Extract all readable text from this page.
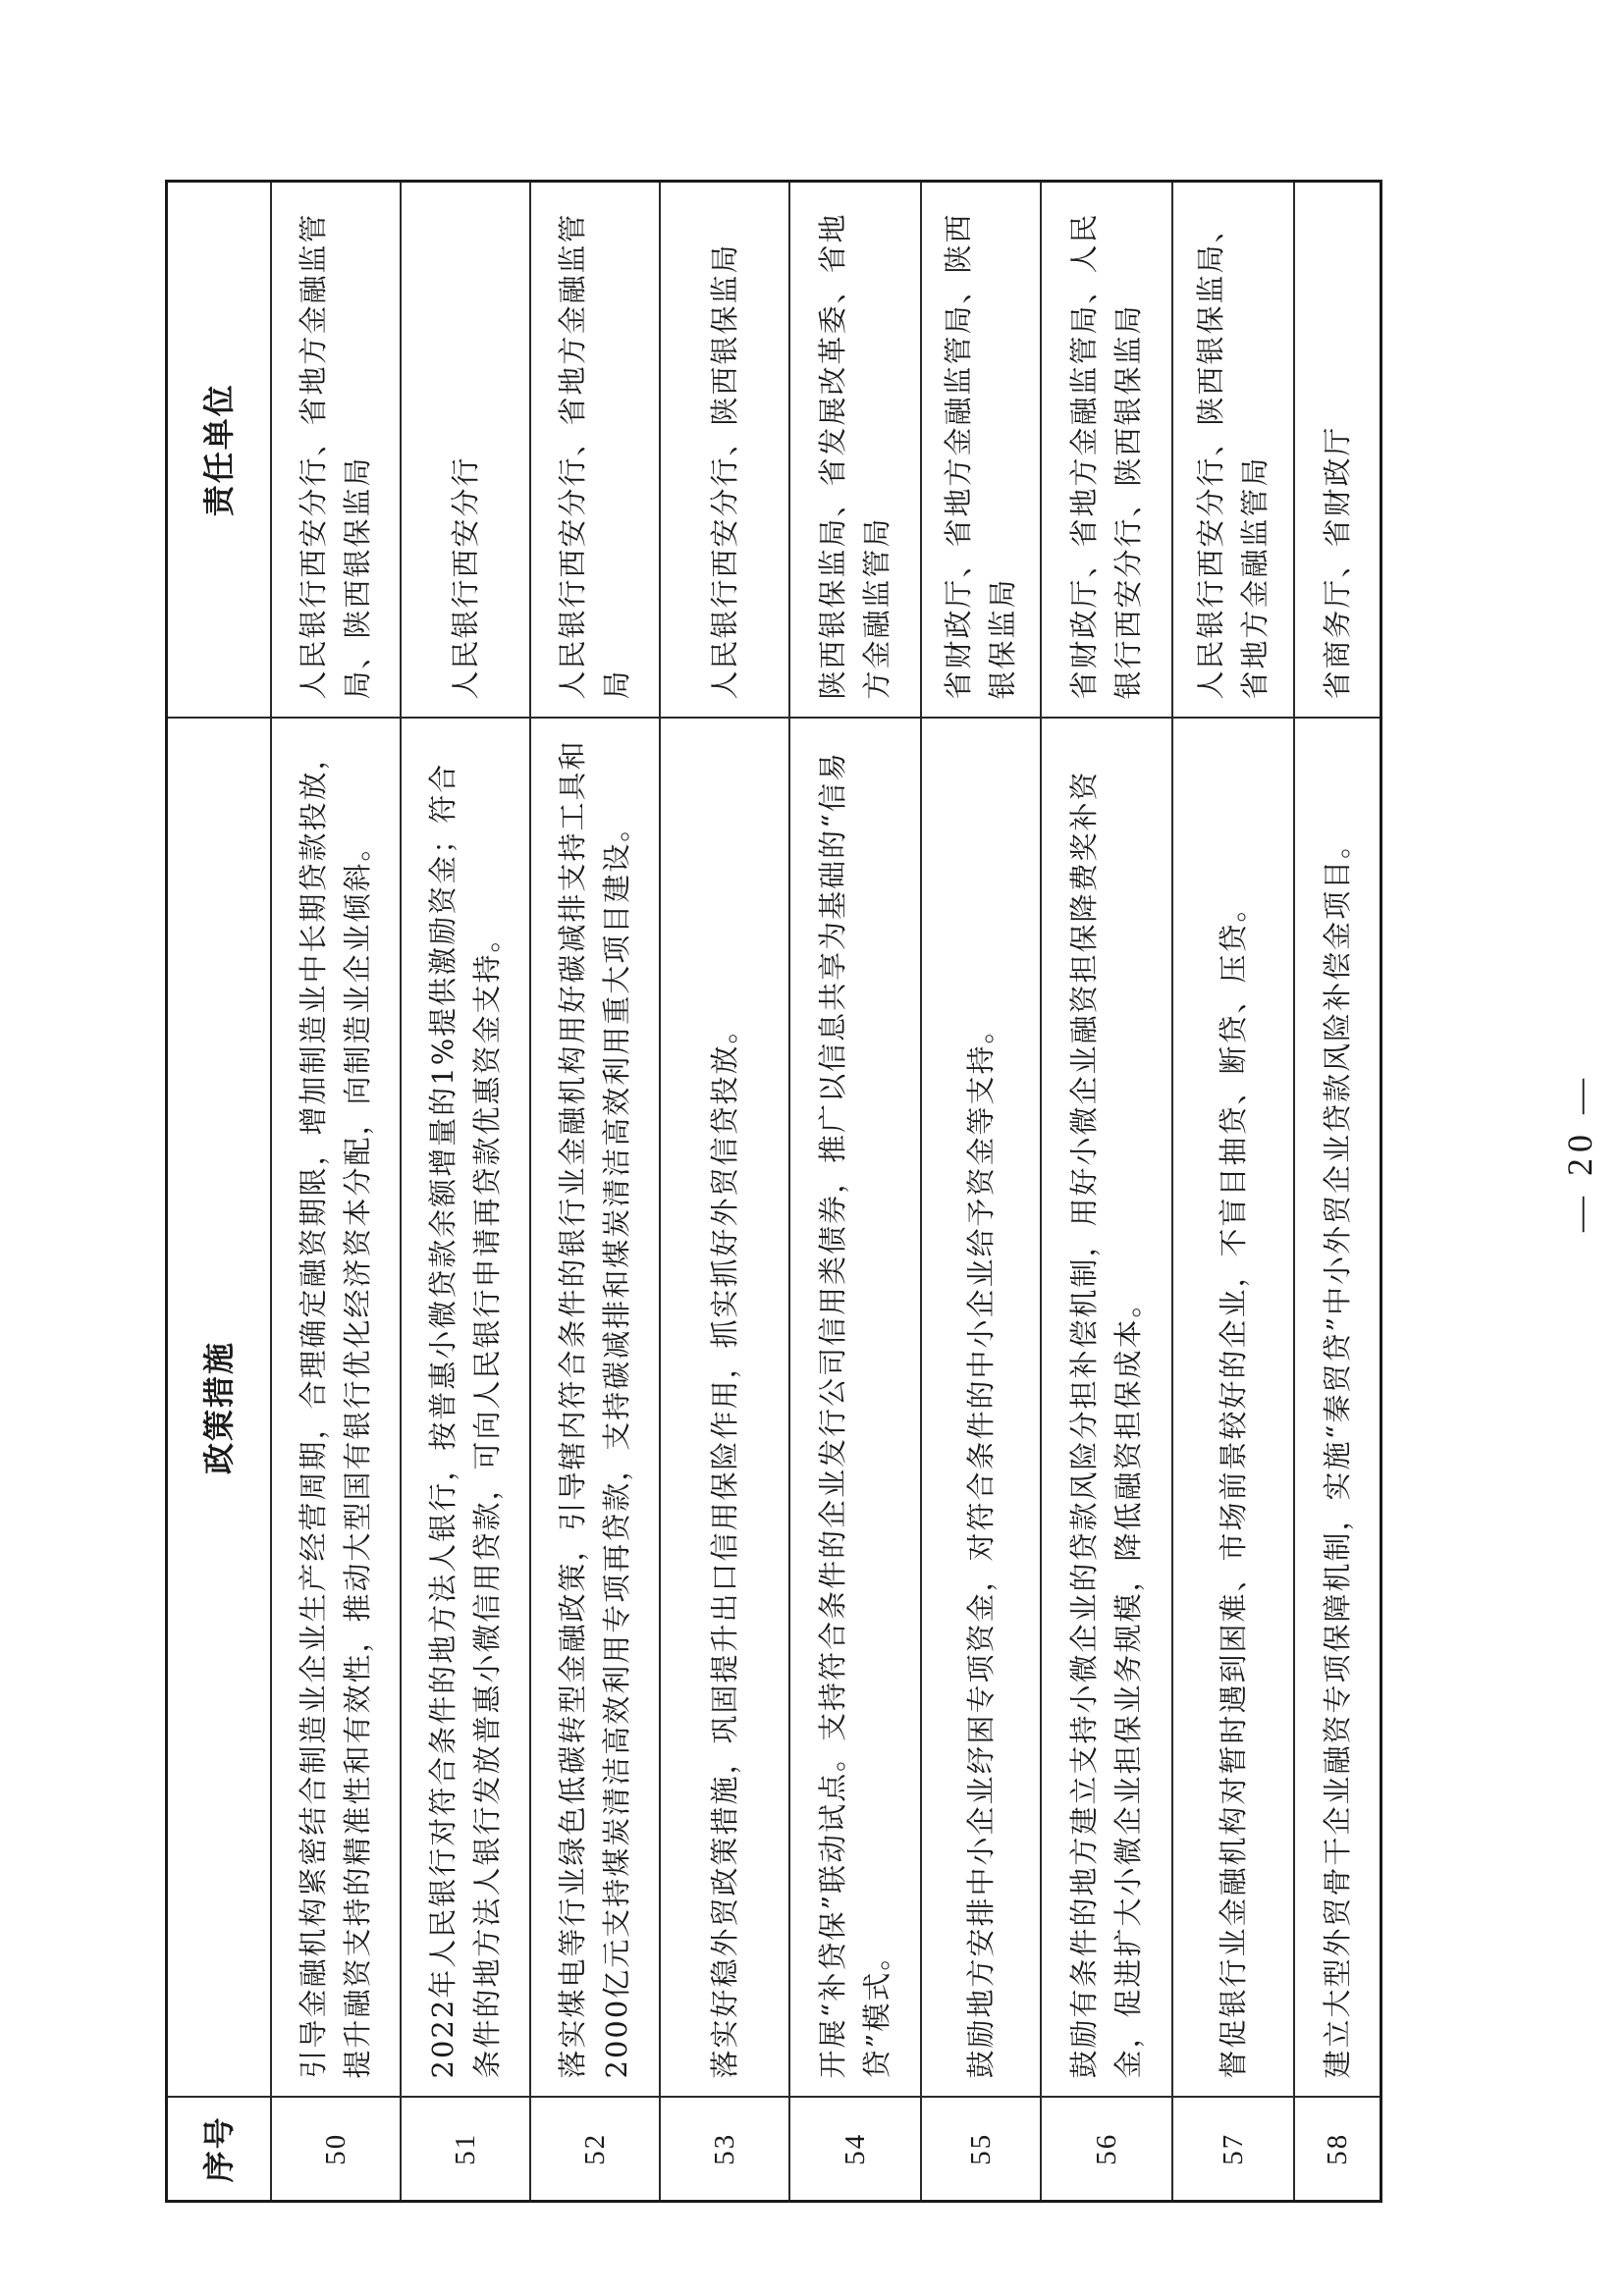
序号	政策措施	责任单位
50	引导金融机构紧密结合制造业企业生产经营周期，合理确定融资期限，增加制造业中长期贷款投放，提升融资支持的精准性和有效性，推动大型国有银行优化经济资本分配，向制造业企业倾斜。	人民银行西安分行、省地方金融监管局、陕西银保监局
51	2022年人民银行对符合条件的地方法人银行，按普惠小微贷款余额增量的1%提供激励资金；符合条件的地方法人银行发放普惠小微信用贷款，可向人民银行申请再贷款优惠资金支持。	人民银行西安分行
52	落实煤电等行业绿色低碳转型金融政策，引导辖内符合条件的银行业金融机构用好碳减排支持工具和2000亿元支持煤炭清洁高效利用专项再贷款，支持碳减排和煤炭清洁高效利用重大项目建设。	人民银行西安分行、省地方金融监管局
53	落实好稳外贸政策措施，巩固提升出口信用保险作用，抓实抓好外贸信贷投放。	人民银行西安分行、陕西银保监局
54	开展“补贷保”联动试点。支持符合条件的企业发行公司信用类债券，推广以信息共享为基础的“信易贷”模式。	陕西银保监局、省发展改革委、省地方金融监管局
55	鼓励地方安排中小企业纾困专项资金，对符合条件的中小企业给予资金等支持。	省财政厅、省地方金融监管局、陕西银保监局
56	鼓励有条件的地方建立支持小微企业的贷款风险分担补偿机制，用好小微企业融资担保降费奖补资金，促进扩大小微企业担保业务规模，降低融资担保成本。	省财政厅、省地方金融监管局、人民银行西安分行、陕西银保监局
57	督促银行业金融机构对暂时遇到困难、市场前景较好的企业，不盲目抽贷、断贷、压贷。	人民银行西安分行、陕西银保监局、省地方金融监管局
58	建立大型外贸骨干企业融资专项保障机制，实施“秦贸贷”中小外贸企业贷款风险补偿金项目。	省商务厅、省财政厅
— 20 —
